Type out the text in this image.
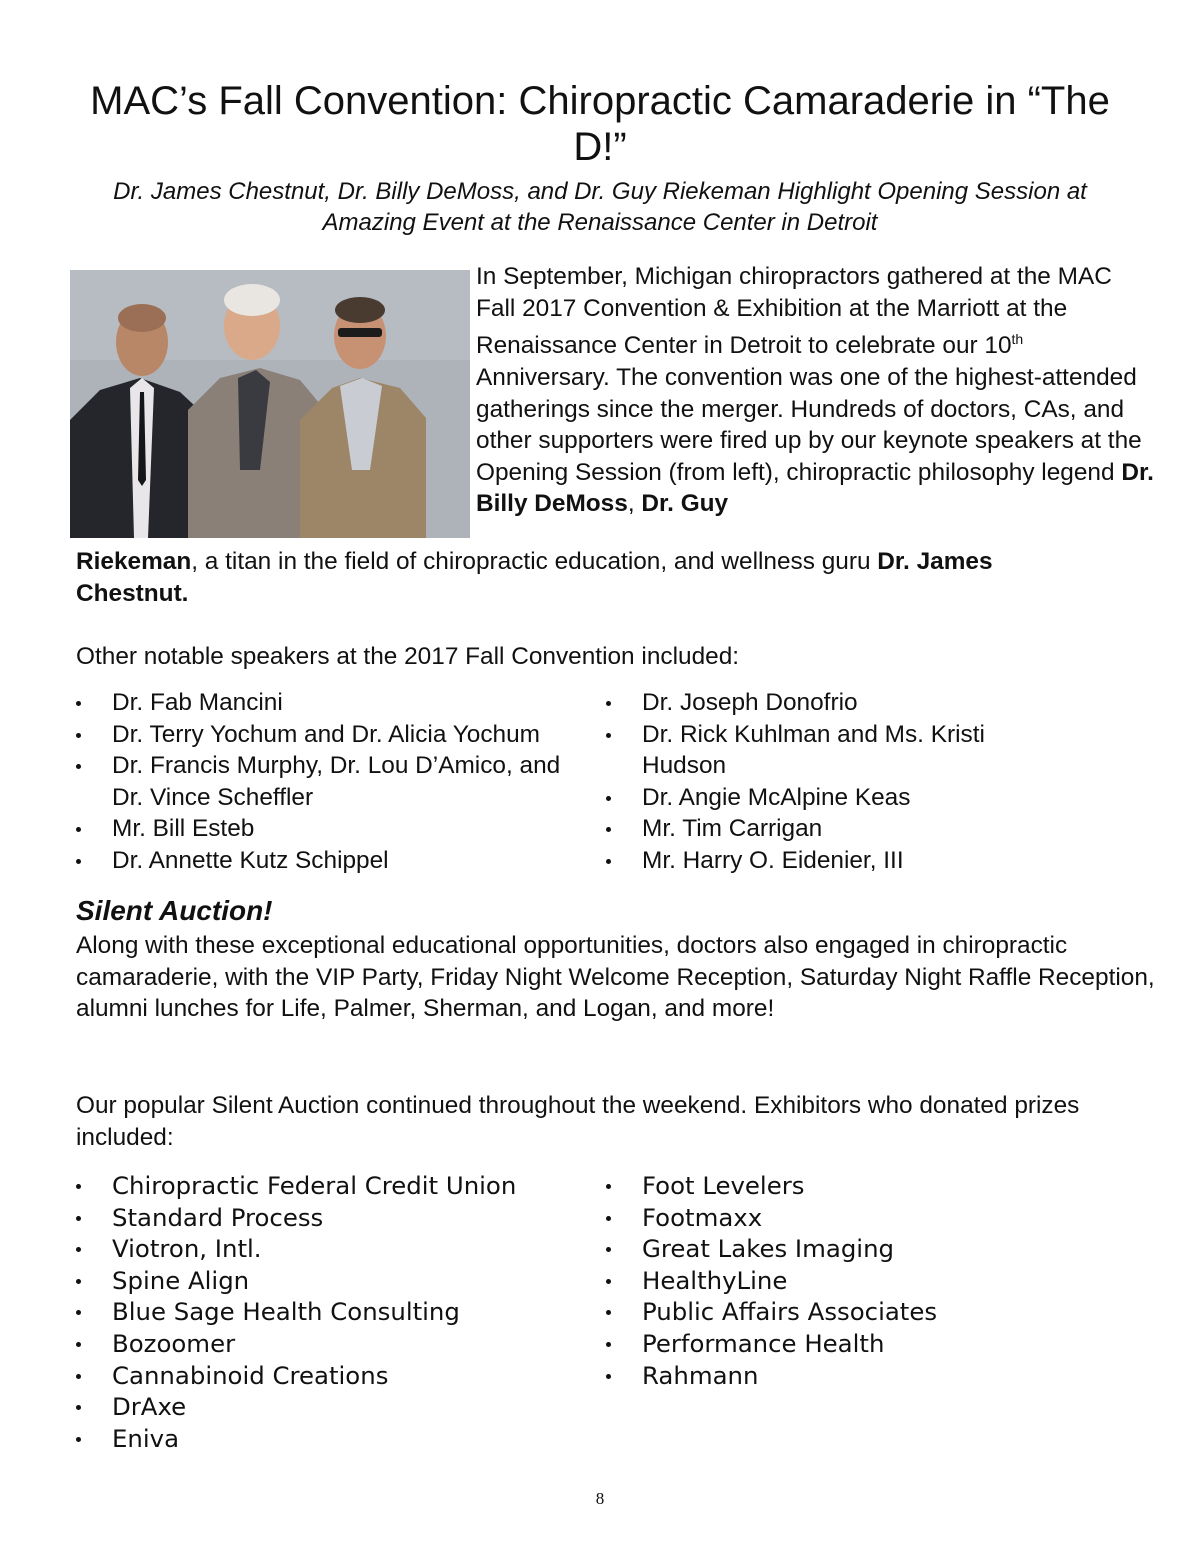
MAC’s Fall Convention: Chiropractic Camaraderie in “The D!”

Dr. James Chestnut, Dr. Billy DeMoss, and Dr. Guy Riekeman Highlight Opening Session at Amazing Event at the Renaissance Center in Detroit

In September, Michigan chiropractors gathered at the MAC Fall 2017 Convention & Exhibition at the Marriott at the Renaissance Center in Detroit to celebrate our 10th Anniversary. The convention was one of the highest-attended gatherings since the merger. Hundreds of doctors, CAs, and other supporters were fired up by our keynote speakers at the Opening Session (from left), chiropractic philosophy legend Dr. Billy DeMoss, Dr. Guy

Riekeman, a titan in the field of chiropractic education, and wellness guru Dr. James
Chestnut.

Other notable speakers at the 2017 Fall Convention included:

Dr. Fab Mancini
Dr. Terry Yochum and Dr. Alicia Yochum
Dr. Francis Murphy, Dr. Lou D’Amico, and Dr. Vince Scheffler
Mr. Bill Esteb
Dr. Annette Kutz Schippel
Dr. Joseph Donofrio
Dr. Rick Kuhlman and Ms. Kristi Hudson
Dr. Angie McAlpine Keas
Mr. Tim Carrigan
Mr. Harry O. Eidenier, III
Silent Auction!

Along with these exceptional educational opportunities, doctors also engaged in chiropractic camaraderie, with the VIP Party, Friday Night Welcome Reception, Saturday Night Raffle Reception, alumni lunches for Life, Palmer, Sherman, and Logan, and more!

Our popular Silent Auction continued throughout the weekend. Exhibitors who donated prizes included:

Chiropractic Federal Credit Union
Standard Process
Viotron, Intl.
Spine Align
Blue Sage Health Consulting
Bozoomer
Cannabinoid Creations
DrAxe
Eniva
Foot Levelers
Footmaxx
Great Lakes Imaging
HealthyLine
Public Affairs Associates
Performance Health
Rahmann
8
